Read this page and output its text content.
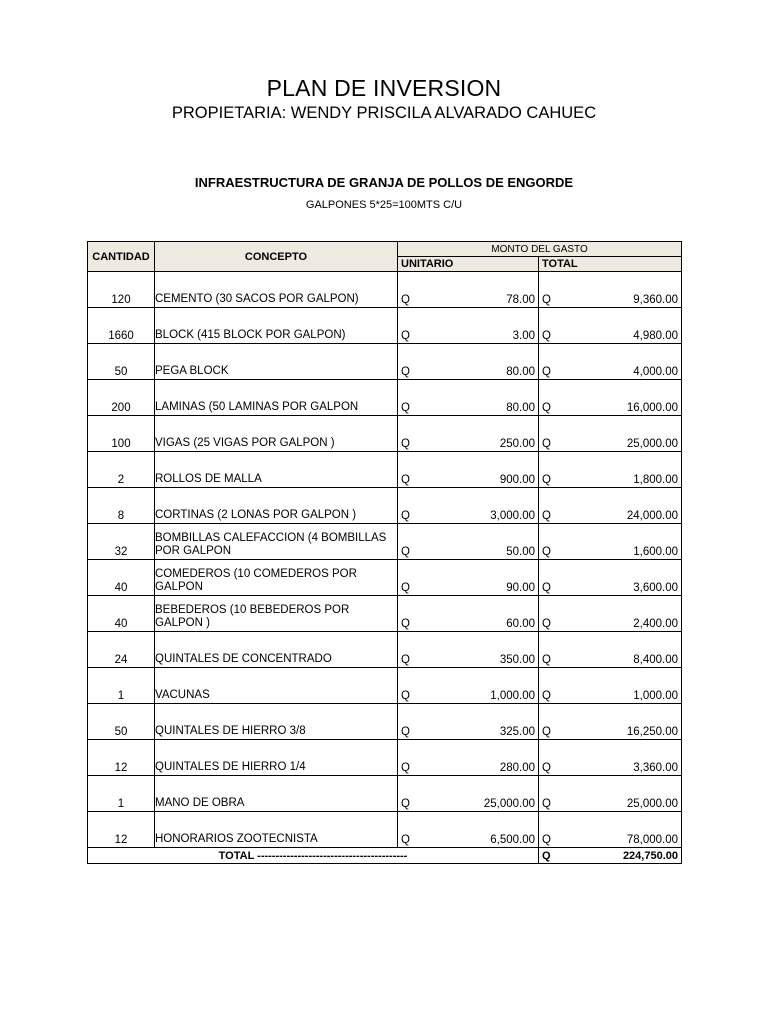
PLAN DE INVERSION
PROPIETARIA: WENDY PRISCILA ALVARADO CAHUEC
INFRAESTRUCTURA DE GRANJA DE POLLOS DE ENGORDE
GALPONES 5*25=100MTS C/U
CANTIDAD	CONCEPTO	MONTO DEL GASTO			
		UNITARIO		TOTAL	
120	CEMENTO (30 SACOS POR GALPON)	Q	78.00	Q	9,360.00
1660	BLOCK (415 BLOCK POR GALPON)	Q	3.00	Q	4,980.00
50	PEGA BLOCK	Q	80.00	Q	4,000.00
200	LAMINAS (50 LAMINAS POR GALPON	Q	80.00	Q	16,000.00
100	VIGAS (25 VIGAS POR GALPON )	Q	250.00	Q	25,000.00
2	ROLLOS DE MALLA	Q	900.00	Q	1,800.00
8	CORTINAS (2 LONAS POR GALPON )	Q	3,000.00	Q	24,000.00
32	BOMBILLAS CALEFACCION (4 BOMBILLAS POR GALPON	Q	50.00	Q	1,600.00
40	COMEDEROS (10 COMEDEROS POR GALPON	Q	90.00	Q	3,600.00
40	BEBEDEROS (10 BEBEDEROS POR GALPON )	Q	60.00	Q	2,400.00
24	QUINTALES DE CONCENTRADO	Q	350.00	Q	8,400.00
1	VACUNAS	Q	1,000.00	Q	1,000.00
50	QUINTALES DE HIERRO 3/8	Q	325.00	Q	16,250.00
12	QUINTALES DE HIERRO 1/4	Q	280.00	Q	3,360.00
1	MANO DE OBRA	Q	25,000.00	Q	25,000.00
12	HONORARIOS ZOOTECNISTA	Q	6,500.00	Q	78,000.00
TOTAL -----------------------------------------				Q	224,750.00
